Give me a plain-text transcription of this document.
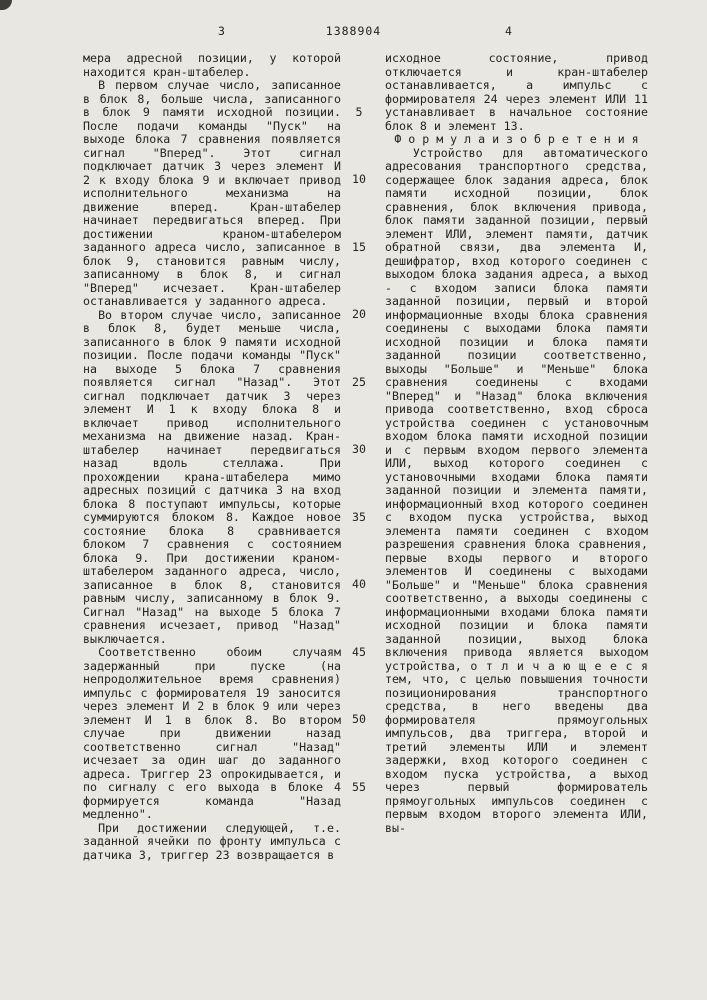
3	1388904	4
5
10
15
20
25
30
35
40
45
50
55

мера адресной позиции, у которой находится кран-штабелер.

В первом случае число, записанное в блок 8, больше числа, записанного в блок 9 памяти исходной позиции. После подачи команды "Пуск" на выходе блока 7 сравнения появляется сигнал "Вперед". Этот сигнал подключает датчик 3 через элемент И 2 к входу блока 9 и включает привод исполнительного механизма на движение вперед. Кран-штабелер начинает передвигаться вперед. При достижении краном-штабелером заданного адреса число, записанное в блок 9, становится равным числу, записанному в блок 8, и сигнал "Вперед" исчезает. Кран-штабелер останавливается у заданного адреса.

Во втором случае число, записанное в блок 8, будет меньше числа, записанного в блок 9 памяти исходной позиции. После подачи команды "Пуск" на выходе 5 блока 7 сравнения появляется сигнал "Назад". Этот сигнал подключает датчик 3 через элемент И 1 к входу блока 8 и включает привод исполнительного механизма на движение назад. Кран-штабелер начинает передвигаться назад вдоль стеллажа. При прохождении крана-штабелера мимо адресных позиций с датчика 3 на вход блока 8 поступают импульсы, которые суммируются блоком 8. Каждое новое состояние блока 8 сравнивается блоком 7 сравнения с состоянием блока 9. При достижении краном-штабелером заданного адреса, число, записанное в блок 8, становится равным числу, записанному в блок 9. Сигнал "Назад" на выходе 5 блока 7 сравнения исчезает, привод "Назад" выключается.

Соответственно обоим случаям задержанный при пуске (на непродолжительное время сравнения) импульс с формирователя 19 заносится через элемент И 2 в блок 9 или через элемент И 1 в блок 8. Во втором случае при движении назад соответственно сигнал "Назад" исчезает за один шаг до заданного адреса. Триггер 23 опрокидывается, и по сигналу с его выхода в блоке 4 формируется команда "Назад медленно".

При достижении следующей, т.е. заданной ячейки по фронту импульса с датчика 3, триггер 23 возвращается в

исходное состояние, привод отключается и кран-штабелер останавливается, а импульс с формирователя 24 через элемент ИЛИ 11 устанавливает в начальное состояние блок 8 и элемент 13.

Ф о р м у л а и з о б р е т е н и я

Устройство для автоматического адресования транспортного средства, содержащее блок задания адреса, блок памяти исходной позиции, блок сравнения, блок включения привода, блок памяти заданной позиции, первый элемент ИЛИ, элемент памяти, датчик обратной связи, два элемента И, дешифратор, вход которого соединен с выходом блока задания адреса, а выход - с входом записи блока памяти заданной позиции, первый и второй информационные входы блока сравнения соединены с выходами блока памяти исходной позиции и блока памяти заданной позиции соответственно, выходы "Больше" и "Меньше" блока сравнения соединены с входами "Вперед" и "Назад" блока включения привода соответственно, вход сброса устройства соединен с установочным входом блока памяти исходной позиции и с первым входом первого элемента ИЛИ, выход которого соединен с установочными входами блока памяти заданной позиции и элемента памяти, информационный вход которого соединен с входом пуска устройства, выход элемента памяти соединен с входом разрешения сравнения блока сравнения, первые входы первого и второго элементов И соединены с выходами "Больше" и "Меньше" блока сравнения соответственно, а выходы соединены с информационными входами блока памяти исходной позиции и блока памяти заданной позиции, выход блока включения привода является выходом устройства, о т л и ч а ю щ е е с я тем, что, с целью повышения точности позиционирования транспортного средства, в него введены два формирователя прямоугольных импульсов, два триггера, второй и третий элементы ИЛИ и элемент задержки, вход которого соединен с входом пуска устройства, а выход через первый формирователь прямоугольных импульсов соединен с первым входом второго элемента ИЛИ, вы-
